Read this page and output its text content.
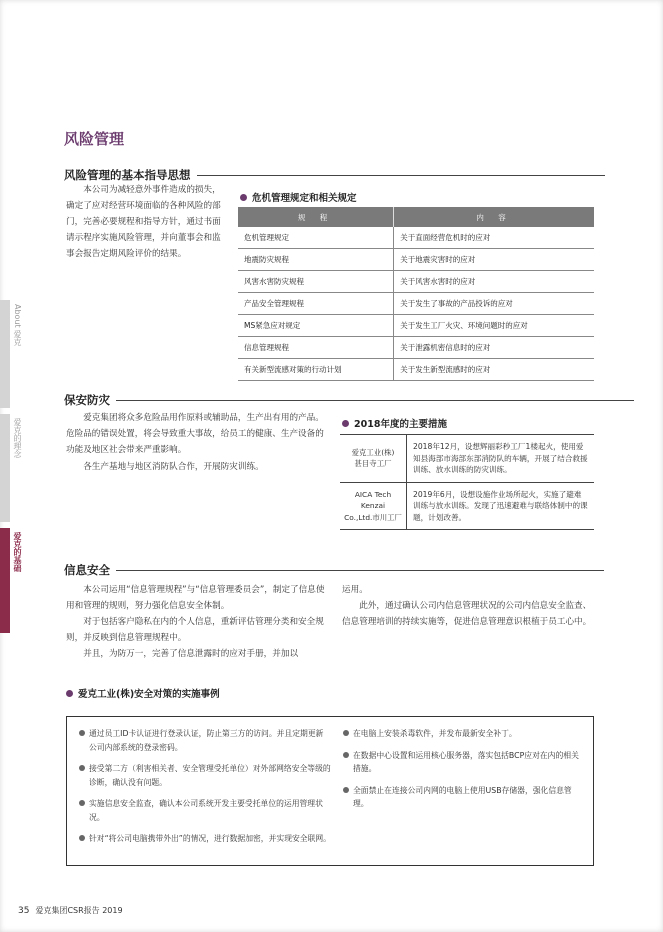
About 爱克
爱克的理念
爱克的基础
风险管理
风险管理的基本指导思想

本公司为减轻意外事件造成的损失，确定了应对经营环境面临的各种风险的部门，完善必要规程和指导方针，通过书面请示程序实施风险管理，并向董事会和监事会报告定期风险评价的结果。

危机管理规定和相关规定
规 程	内 容
危机管理规定	关于直面经营危机时的应对
地震防灾规程	关于地震灾害时的应对
风害水害防灾规程	关于风害水害时的应对
产品安全管理规程	关于发生了事故的产品投诉的应对
MS紧急应对规定	关于发生工厂火灾、环境问题时的应对
信息管理规程	关于泄露机密信息时的应对
有关新型流感对策的行动计划	关于发生新型流感时的应对
保安防灾

爱克集团将众多危险品用作原料或辅助品，生产出有用的产品。危险品的错误处置，将会导致重大事故，给员工的健康、生产设备的功能及地区社会带来严重影响。

各生产基地与地区消防队合作，开展防灾训练。

2018年度的主要措施
爱克工业(株)
甚目寺工厂	2018年12月，设想辉丽彩秒工厂1楼起火，使用爱知县海部市海部东部消防队的车辆，开展了结合救援训练、放水训练的防灾训练。
AICA Tech Kenzai
Co.,Ltd.市川工厂	2019年6月，设想设施作业场所起火，实施了避难训练与放水训练。发现了迅速避难与联络体制中的课题，计划改善。
信息安全

本公司运用“信息管理规程”与“信息管理委员会”，制定了信息使用和管理的规则，努力强化信息安全体制。

对于包括客户隐私在内的个人信息，重新评估管理分类和安全规则，并反映到信息管理规程中。

并且，为防万一，完善了信息泄露时的应对手册，并加以

运用。

此外，通过确认公司内信息管理状况的公司内信息安全监查、信息管理培训的持续实施等，促进信息管理意识根植于员工心中。

爱克工业(株)安全对策的实施事例
通过员工ID卡认证进行登录认证，防止第三方的访问。并且定期更新公司内部系统的登录密码。
接受第二方（利害相关者、安全管理受托单位）对外部网络安全等级的诊断，确认没有问题。
实施信息安全监查，确认本公司系统开发主要受托单位的运用管理状况。
针对“将公司电脑携带外出”的情况，进行数据加密，并实现安全联网。
在电脑上安装杀毒软件，并发布最新安全补丁。
在数据中心设置和运用核心服务器，落实包括BCP应对在内的相关措施。
全面禁止在连接公司内网的电脑上使用USB存储器，强化信息管理。
35 爱克集团CSR报告 2019
